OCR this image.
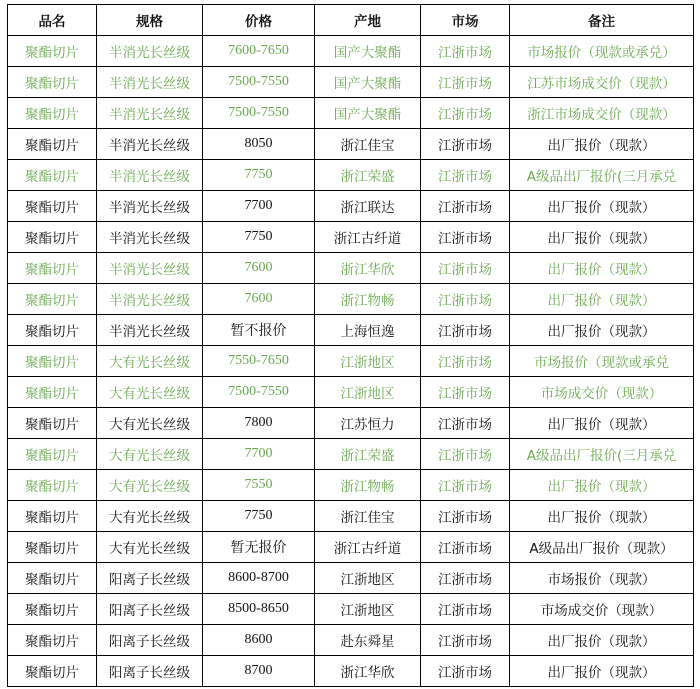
品名	规格	价格	产地	市场	备注
聚酯切片	半消光长丝级	7600-7650	国产大聚酯	江浙市场	市场报价（现款或承兑）
聚酯切片	半消光长丝级	7500-7550	国产大聚酯	江浙市场	江苏市场成交价（现款）
聚酯切片	半消光长丝级	7500-7550	国产大聚酯	江浙市场	浙江市场成交价（现款）
聚酯切片	半消光长丝级	8050	浙江佳宝	江浙市场	出厂报价（现款）
聚酯切片	半消光长丝级	7750	浙江荣盛	江浙市场	A级品出厂报价(三月承兑
聚酯切片	半消光长丝级	7700	浙江联达	江浙市场	出厂报价（现款）
聚酯切片	半消光长丝级	7750	浙江古纤道	江浙市场	出厂报价（现款）
聚酯切片	半消光长丝级	7600	浙江华欣	江浙市场	出厂报价（现款）
聚酯切片	半消光长丝级	7600	浙江物畅	江浙市场	出厂报价（现款）
聚酯切片	半消光长丝级	暂不报价	上海恒逸	江浙市场	出厂报价（现款）
聚酯切片	大有光长丝级	7550-7650	江浙地区	江浙市场	市场报价（现款或承兑
聚酯切片	大有光长丝级	7500-7550	江浙地区	江浙市场	市场成交价（现款）
聚酯切片	大有光长丝级	7800	江苏恒力	江浙市场	出厂报价（现款）
聚酯切片	大有光长丝级	7700	浙江荣盛	江浙市场	A级品出厂报价(三月承兑
聚酯切片	大有光长丝级	7550	浙江物畅	江浙市场	出厂报价（现款）
聚酯切片	大有光长丝级	7750	浙江佳宝	江浙市场	出厂报价（现款）
聚酯切片	大有光长丝级	暂无报价	浙江古纤道	江浙市场	A级品出厂报价（现款）
聚酯切片	阳离子长丝级	8600-8700	江浙地区	江浙市场	市场报价（现款）
聚酯切片	阳离子长丝级	8500-8650	江浙地区	江浙市场	市场成交价（现款）
聚酯切片	阳离子长丝级	8600	赴东舜星	江浙市场	出厂报价（现款）
聚酯切片	阳离子长丝级	8700	浙江华欣	江浙市场	出厂报价（现款）
